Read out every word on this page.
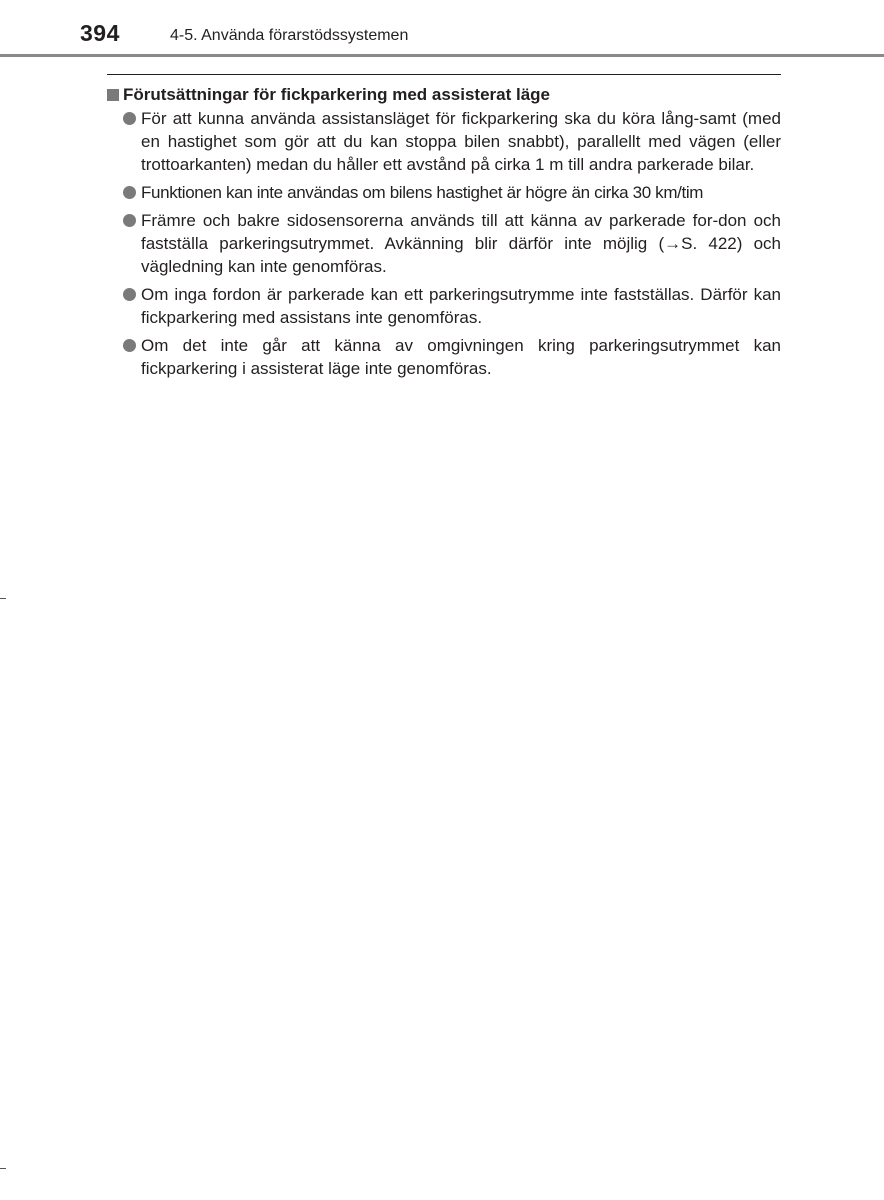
394	4-5. Använda förarstödssystemen
Förutsättningar för fickparkering med assisterat läge
För att kunna använda assistansläget för fickparkering ska du köra lång-samt (med en hastighet som gör att du kan stoppa bilen snabbt), parallellt med vägen (eller trottoarkanten) medan du håller ett avstånd på cirka 1 m till andra parkerade bilar.
Funktionen kan inte användas om bilens hastighet är högre än cirka 30 km/tim
Främre och bakre sidosensorerna används till att känna av parkerade for-don och fastställa parkeringsutrymmet. Avkänning blir därför inte möjlig (→S. 422) och vägledning kan inte genomföras.
Om inga fordon är parkerade kan ett parkeringsutrymme inte fastställas. Därför kan fickparkering med assistans inte genomföras.
Om det inte går att känna av omgivningen kring parkeringsutrymmet kan fickparkering i assisterat läge inte genomföras.
